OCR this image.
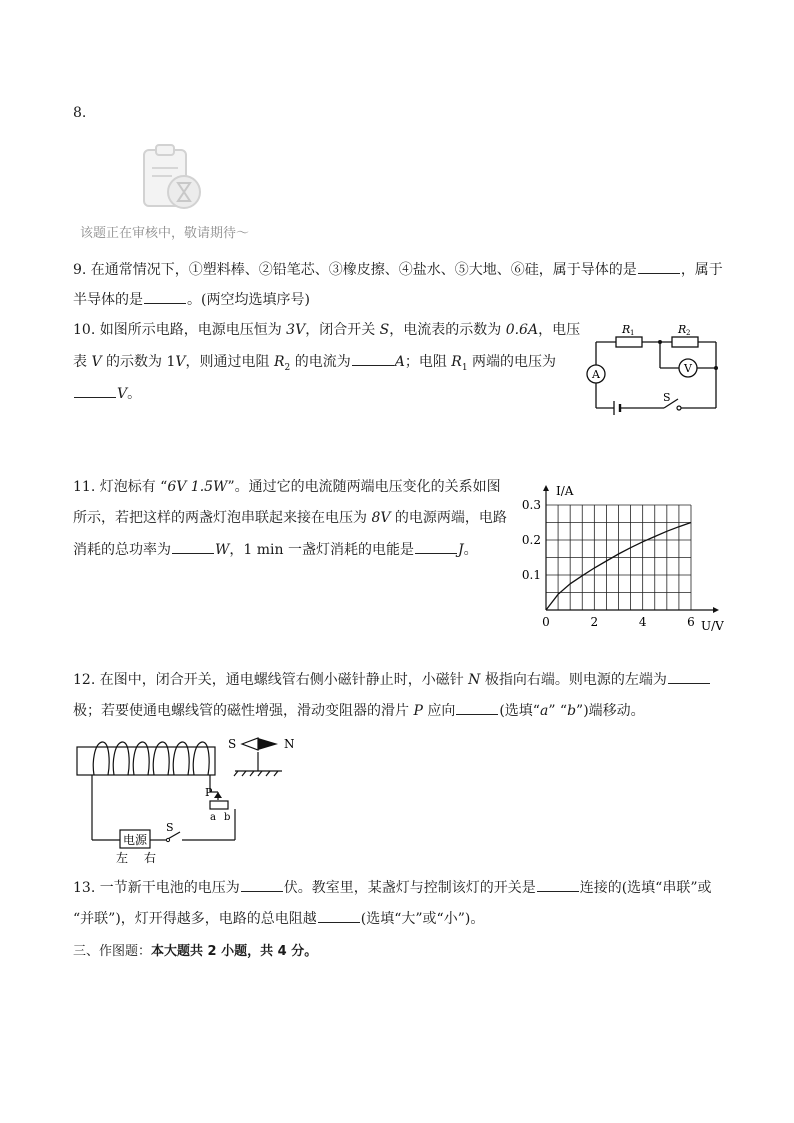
8.
该题正在审核中，敬请期待～
9. 在通常情况下，①塑料棒、②铅笔芯、③橡皮擦、④盐水、⑤大地、⑥硅，属于导体的是	，属于
半导体的是	。(两空均选填序号)
10. 如图所示电路，电源电压恒为 3V，闭合开关 S，电流表的示数为 0.6A，电压
表 V 的示数为 1V，则通过电阻 $R_2$ 的电流为	A；电阻 $R_1$ 两端的电压为
V。
A	V
R 1	R 2
S
11. 灯泡标有 “6V 1.5W”。通过它的电流随两端电压变化的关系如图
所示，若把这样的两盏灯泡串联起来接在电压为 8V 的电源两端，电路
消耗的总功率为	W，1 min 一盏灯消耗的电能是	J。
0	2	4	6
0.1
0.2
0.3
I/A
U/V
12. 在图中，闭合开关，通电螺线管右侧小磁针静止时，小磁针 N 极指向右端。则电源的左端为
极；若要使通电螺线管的磁性增强，滑动变阻器的滑片 P 应向	(选填“a” “b”)端移动。
S	N
P
a b
电源
左 右
S
13. 一节新干电池的电压为	伏。教室里，某盏灯与控制该灯的开关是	连接的(选填“串联”或
“并联”)，灯开得越多，电路的总电阻越	(选填“大”或“小”)。
三、作图题：本大题共 2 小题，共 4 分。
